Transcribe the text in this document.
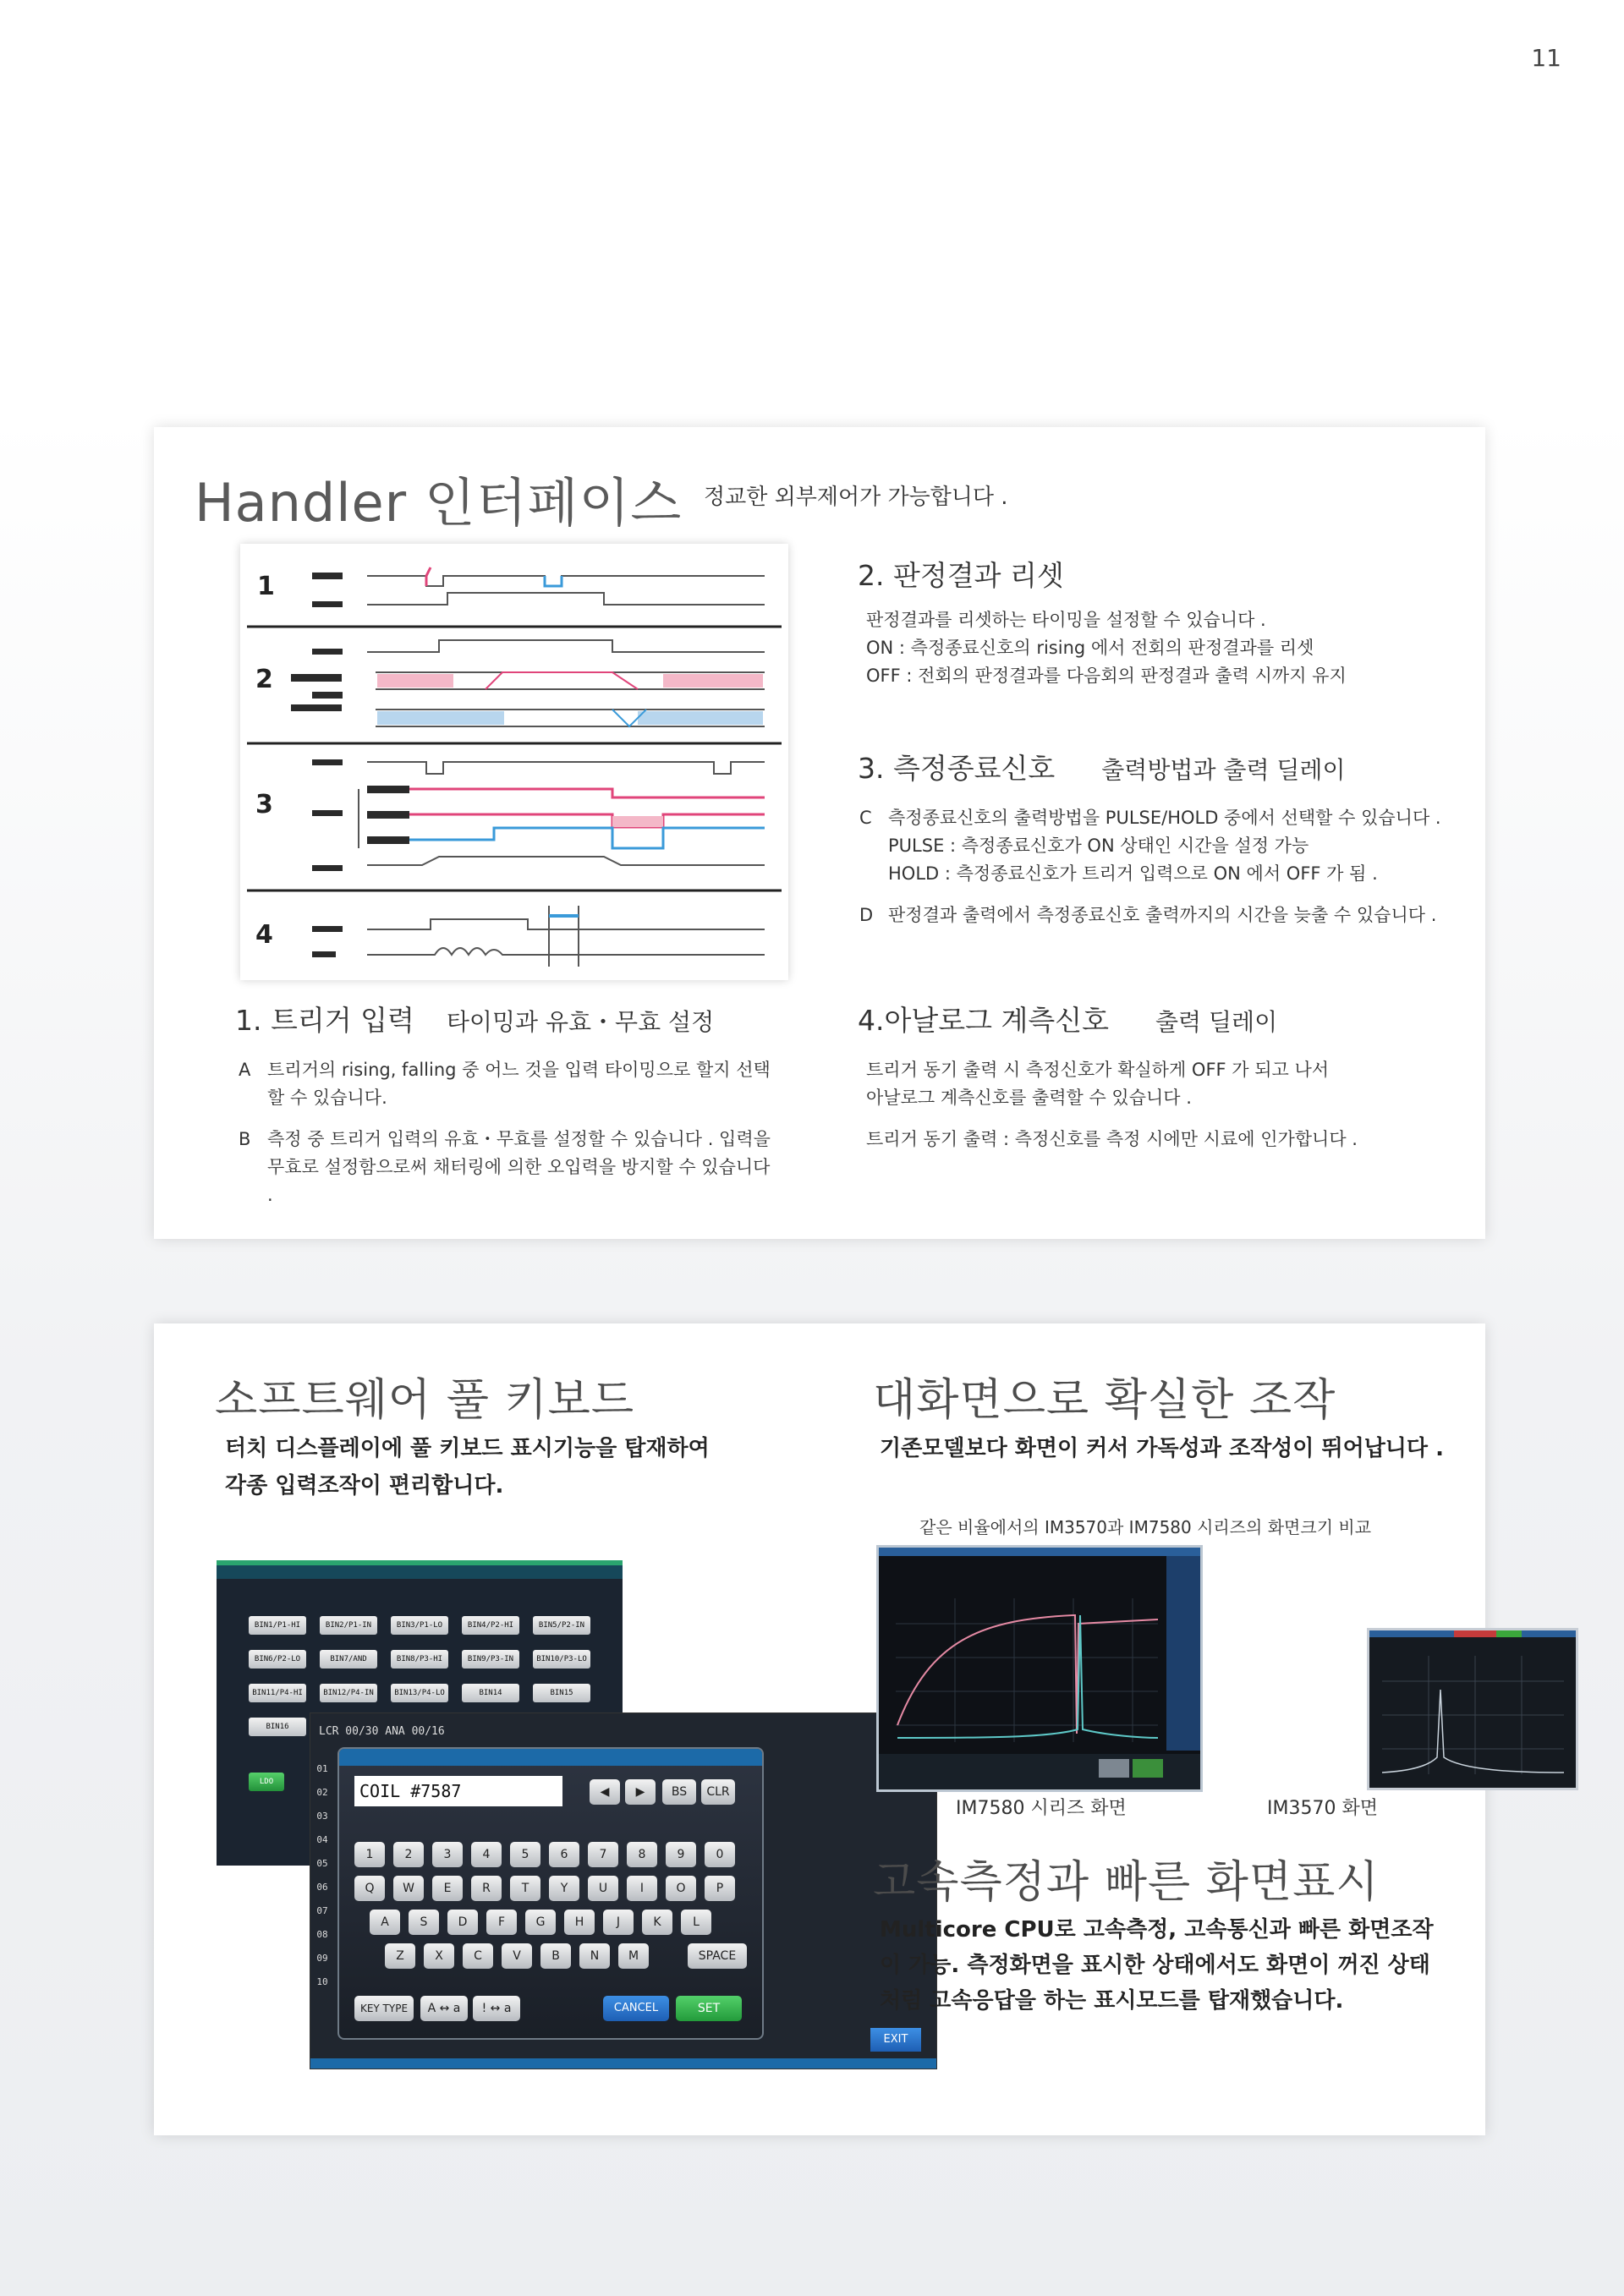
11
Handler 인터페이스 정교한 외부제어가 가능합니다 .
1
2
3
4
2. 판정결과 리셋
판정결과를 리셋하는 타이밍을 설정할 수 있습니다 .
ON : 측정종료신호의 rising 에서 전회의 판정결과를 리셋
OFF : 전회의 판정결과를 다음회의 판정결과 출력 시까지 유지
3. 측정종료신호 출력방법과 출력 딜레이
C 측정종료신호의 출력방법을 PULSE/HOLD 중에서 선택할 수 있습니다 .
PULSE : 측정종료신호가 ON 상태인 시간을 설정 가능
HOLD : 측정종료신호가 트리거 입력으로 ON 에서 OFF 가 됨 .
D 판정결과 출력에서 측정종료신호 출력까지의 시간을 늦출 수 있습니다 .
1. 트리거 입력 타이밍과 유효・무효 설정
A 트리거의 rising, falling 중 어느 것을 입력 타이밍으로 할지 선택할 수 있습니다.
B 측정 중 트리거 입력의 유효・무효를 설정할 수 있습니다 . 입력을 무효로 설정함으로써 채터링에 의한 오입력을 방지할 수 있습니다 .
4.아날로그 계측신호 출력 딜레이
트리거 동기 출력 시 측정신호가 확실하게 OFF 가 되고 나서
아날로그 계측신호를 출력할 수 있습니다 .
트리거 동기 출력 : 측정신호를 측정 시에만 시료에 인가합니다 .
소프트웨어 풀 키보드
터치 디스플레이에 풀 키보드 표시기능을 탑재하여
각종 입력조작이 편리합니다.
BIN1/P1-HI	BIN2/P1-IN	BIN3/P1-LO	BIN4/P2-HI	BIN5/P2-IN
BIN6/P2-LO	BIN7/AND	BIN8/P3-HI	BIN9/P3-IN	BIN10/P3-LO
BIN11/P4-HI	BIN12/P4-IN	BIN13/P4-LO	BIN14	BIN15
BIN16
LDO
LCR 00/30 ANA 00/16
01
02
03
04
05
06
07
08
09
10
COIL #7587	◀	▶	BS	CLR
1	2	3	4	5	6	7	8	9	0
Q	W	E	R	T	Y	U	I	O	P
A	S	D	F	G	H	J	K	L
Z	X	C	V	B	N	M	SPACE
KEY TYPE	A ↔ a	! ↔ a	CANCEL	SET
EXIT
대화면으로 확실한 조작
기존모델보다 화면이 커서 가독성과 조작성이 뛰어납니다 .
같은 비율에서의 IM3570과 IM7580 시리즈의 화면크기 비교
IM7580 시리즈 화면	IM3570 화면
고속측정과 빠른 화면표시
Multicore CPU로 고속측정, 고속통신과 빠른 화면조작
이 가능. 측정화면을 표시한 상태에서도 화면이 꺼진 상태
처럼 고속응답을 하는 표시모드를 탑재했습니다.
